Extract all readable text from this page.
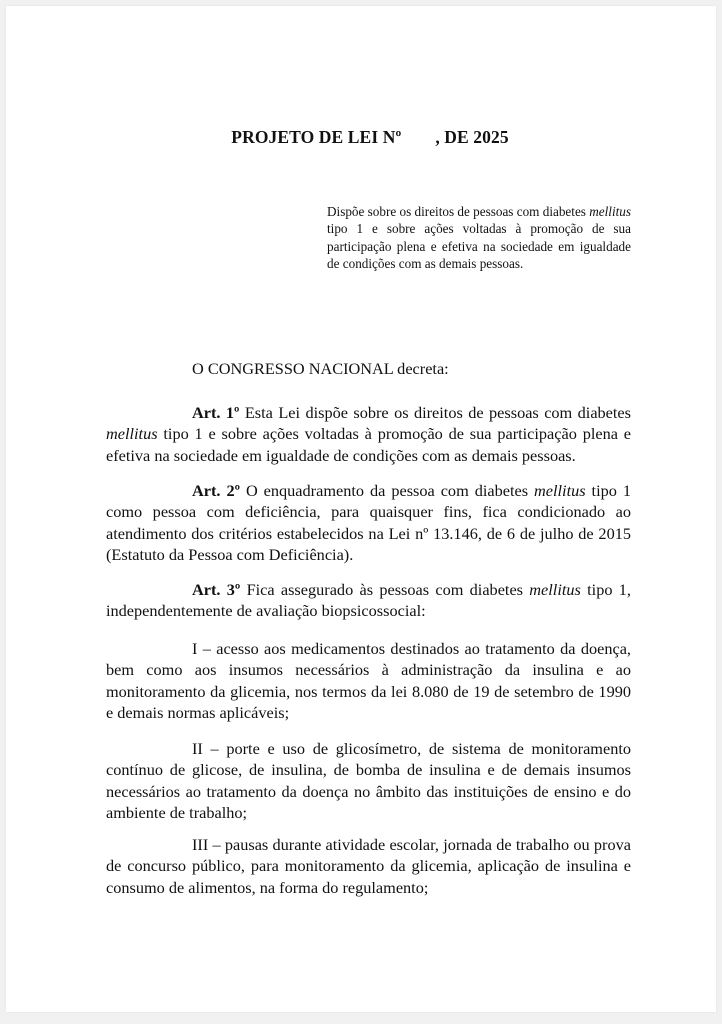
PROJETO DE LEI Nº , DE 2025
Dispõe sobre os direitos de pessoas com diabetes mellitus tipo 1 e sobre ações voltadas à promoção de sua participação plena e efetiva na sociedade em igualdade de condições com as demais pessoas.
O CONGRESSO NACIONAL decreta:
Art. 1º Esta Lei dispõe sobre os direitos de pessoas com diabetes mellitus tipo 1 e sobre ações voltadas à promoção de sua participação plena e efetiva na sociedade em igualdade de condições com as demais pessoas.
Art. 2º O enquadramento da pessoa com diabetes mellitus tipo 1 como pessoa com deficiência, para quaisquer fins, fica condicionado ao atendimento dos critérios estabelecidos na Lei nº 13.146, de 6 de julho de 2015 (Estatuto da Pessoa com Deficiência).
Art. 3º Fica assegurado às pessoas com diabetes mellitus tipo 1, independentemente de avaliação biopsicossocial:
I – acesso aos medicamentos destinados ao tratamento da doença, bem como aos insumos necessários à administração da insulina e ao monitoramento da glicemia, nos termos da lei 8.080 de 19 de setembro de 1990 e demais normas aplicáveis;
II – porte e uso de glicosímetro, de sistema de monitoramento contínuo de glicose, de insulina, de bomba de insulina e de demais insumos necessários ao tratamento da doença no âmbito das instituições de ensino e do ambiente de trabalho;
III – pausas durante atividade escolar, jornada de trabalho ou prova de concurso público, para monitoramento da glicemia, aplicação de insulina e consumo de alimentos, na forma do regulamento;
